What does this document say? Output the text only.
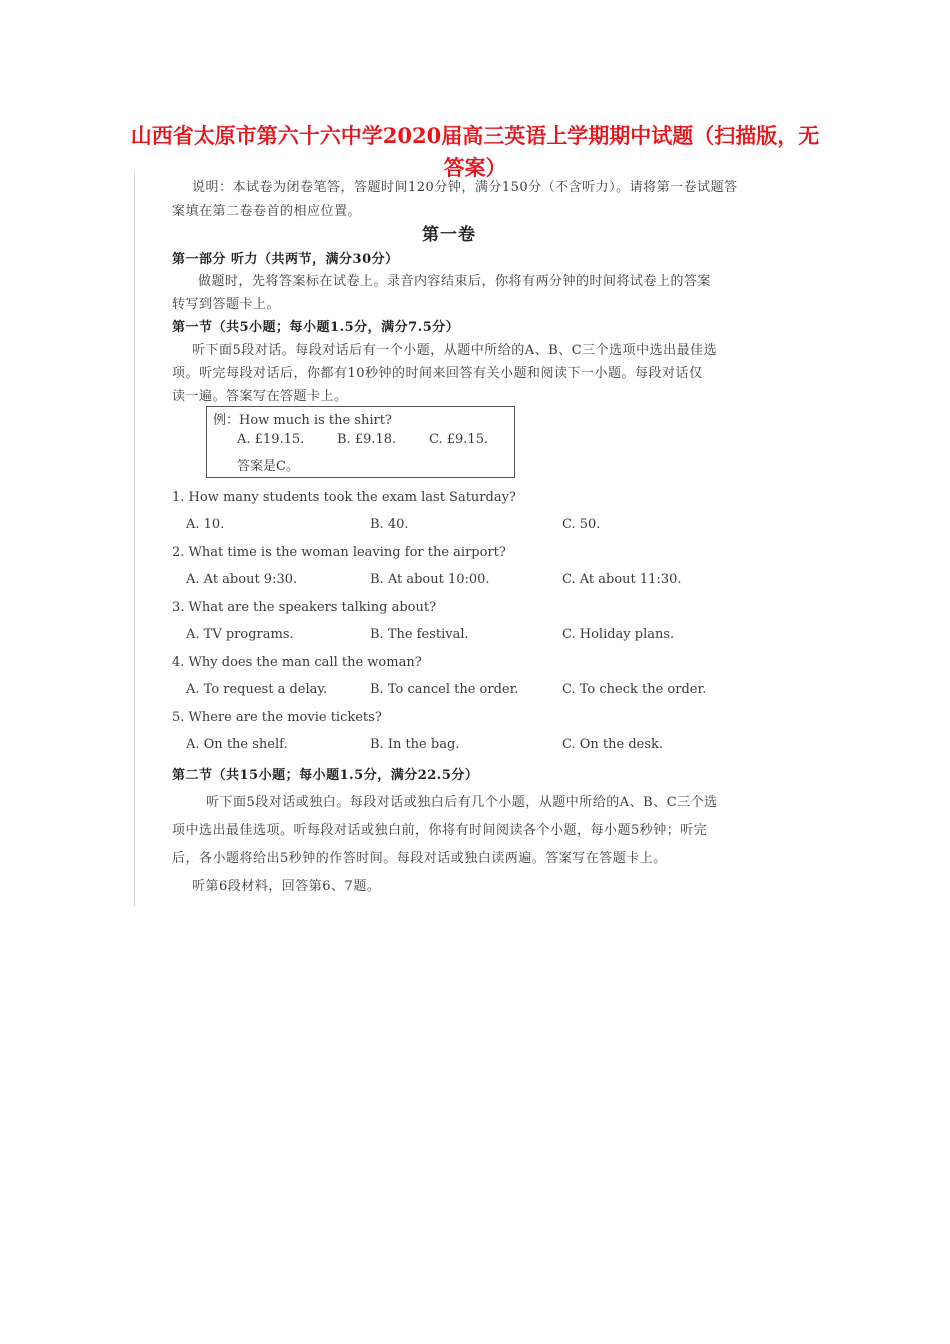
山西省太原市第六十六中学2020届高三英语上学期期中试题（扫描版，无答案）
说明：本试卷为闭卷笔答，答题时间120分钟，满分150分（不含听力）。请将第一卷试题答
案填在第二卷卷首的相应位置。
第一卷
第一部分 听力（共两节，满分30分）
做题时，先将答案标在试卷上。录音内容结束后，你将有两分钟的时间将试卷上的答案
转写到答题卡上。
第一节（共5小题；每小题1.5分，满分7.5分）
听下面5段对话。每段对话后有一个小题，从题中所给的A、B、C三个选项中选出最佳选
项。听完每段对话后，你都有10秒钟的时间来回答有关小题和阅读下一小题。每段对话仅
读一遍。答案写在答题卡上。
例：How much is the shirt?
A. £19.15.	B. £9.18.	C. £9.15.
答案是C。
1. How many students took the exam last Saturday?
A. 10.	B. 40.	C. 50.
2. What time is the woman leaving for the airport?
A. At about 9:30.	B. At about 10:00.	C. At about 11:30.
3. What are the speakers talking about?
A. TV programs.	B. The festival.	C. Holiday plans.
4. Why does the man call the woman?
A. To request a delay.	B. To cancel the order.	C. To check the order.
5. Where are the movie tickets?
A. On the shelf.	B. In the bag.	C. On the desk.
第二节（共15小题；每小题1.5分，满分22.5分）
听下面5段对话或独白。每段对话或独白后有几个小题，从题中所给的A、B、C三个选
项中选出最佳选项。听每段对话或独白前，你将有时间阅读各个小题，每小题5秒钟；听完
后，各小题将给出5秒钟的作答时间。每段对话或独白读两遍。答案写在答题卡上。
听第6段材料，回答第6、7题。
